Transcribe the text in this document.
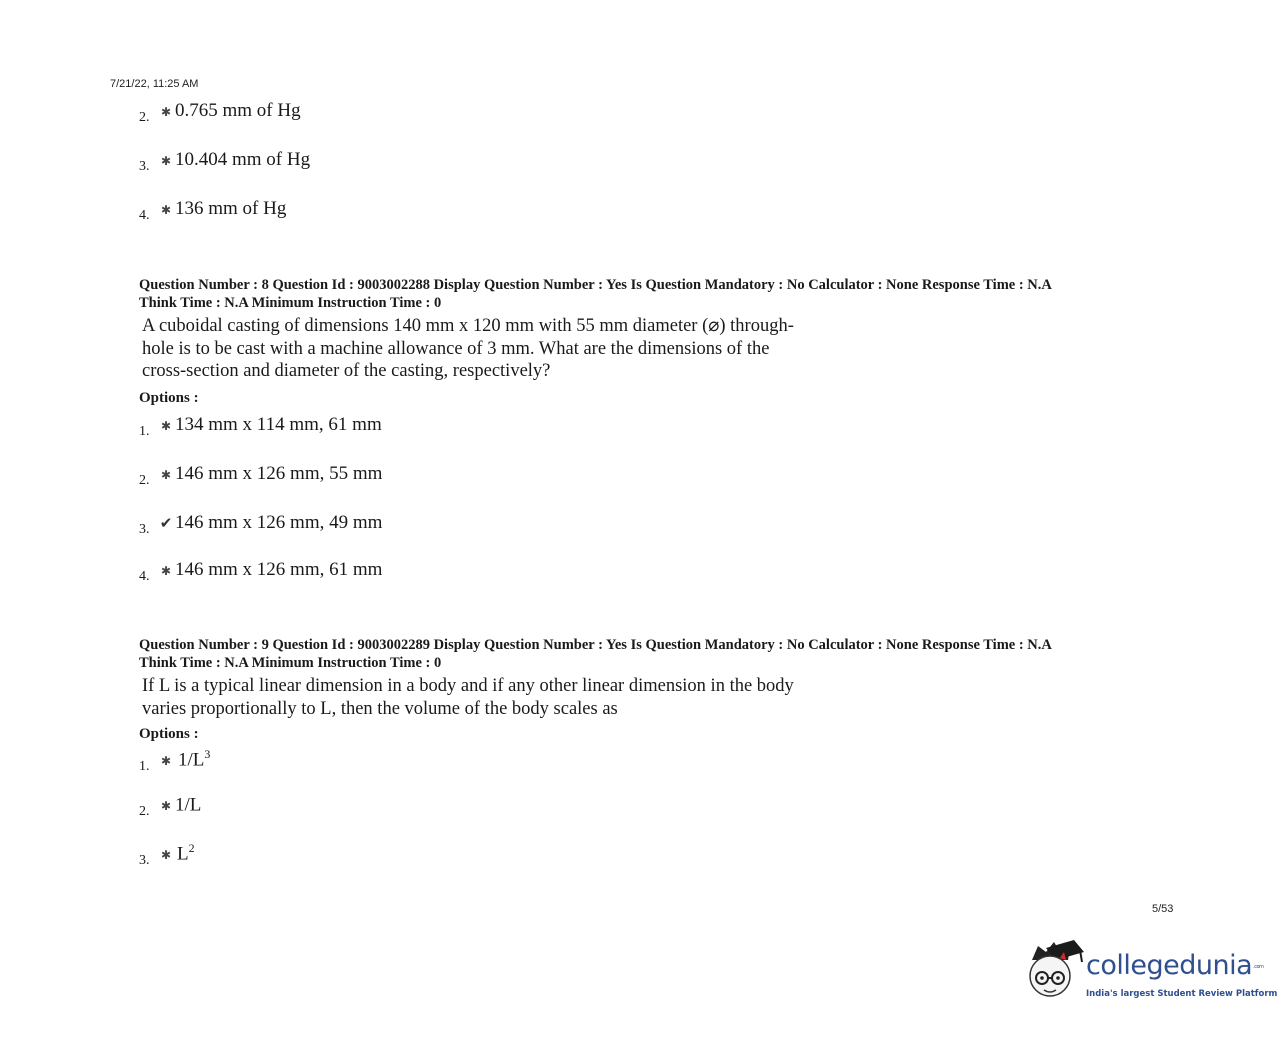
7/21/22, 11:25 AM
2. ✱ 0.765 mm of Hg
3. ✱ 10.404 mm of Hg
4. ✱ 136 mm of Hg
Question Number : 8 Question Id : 9003002288 Display Question Number : Yes Is Question Mandatory : No Calculator : None Response Time : N.A
Think Time : N.A Minimum Instruction Time : 0
A cuboidal casting of dimensions 140 mm x 120 mm with 55 mm diameter (⌀) through-
hole is to be cast with a machine allowance of 3 mm. What are the dimensions of the
cross-section and diameter of the casting, respectively?
Options :
1. ✱ 134 mm x 114 mm, 61 mm
2. ✱ 146 mm x 126 mm, 55 mm
3. ✔ 146 mm x 126 mm, 49 mm
4. ✱ 146 mm x 126 mm, 61 mm
Question Number : 9 Question Id : 9003002289 Display Question Number : Yes Is Question Mandatory : No Calculator : None Response Time : N.A
Think Time : N.A Minimum Instruction Time : 0
If L is a typical linear dimension in a body and if any other linear dimension in the body
varies proportionally to L, then the volume of the body scales as
Options :
1. ✱ $1/L^3$
2. ✱ 1/L
3. ✱ $L^2$
5/53
collegedunia.com
India's largest Student Review Platform
